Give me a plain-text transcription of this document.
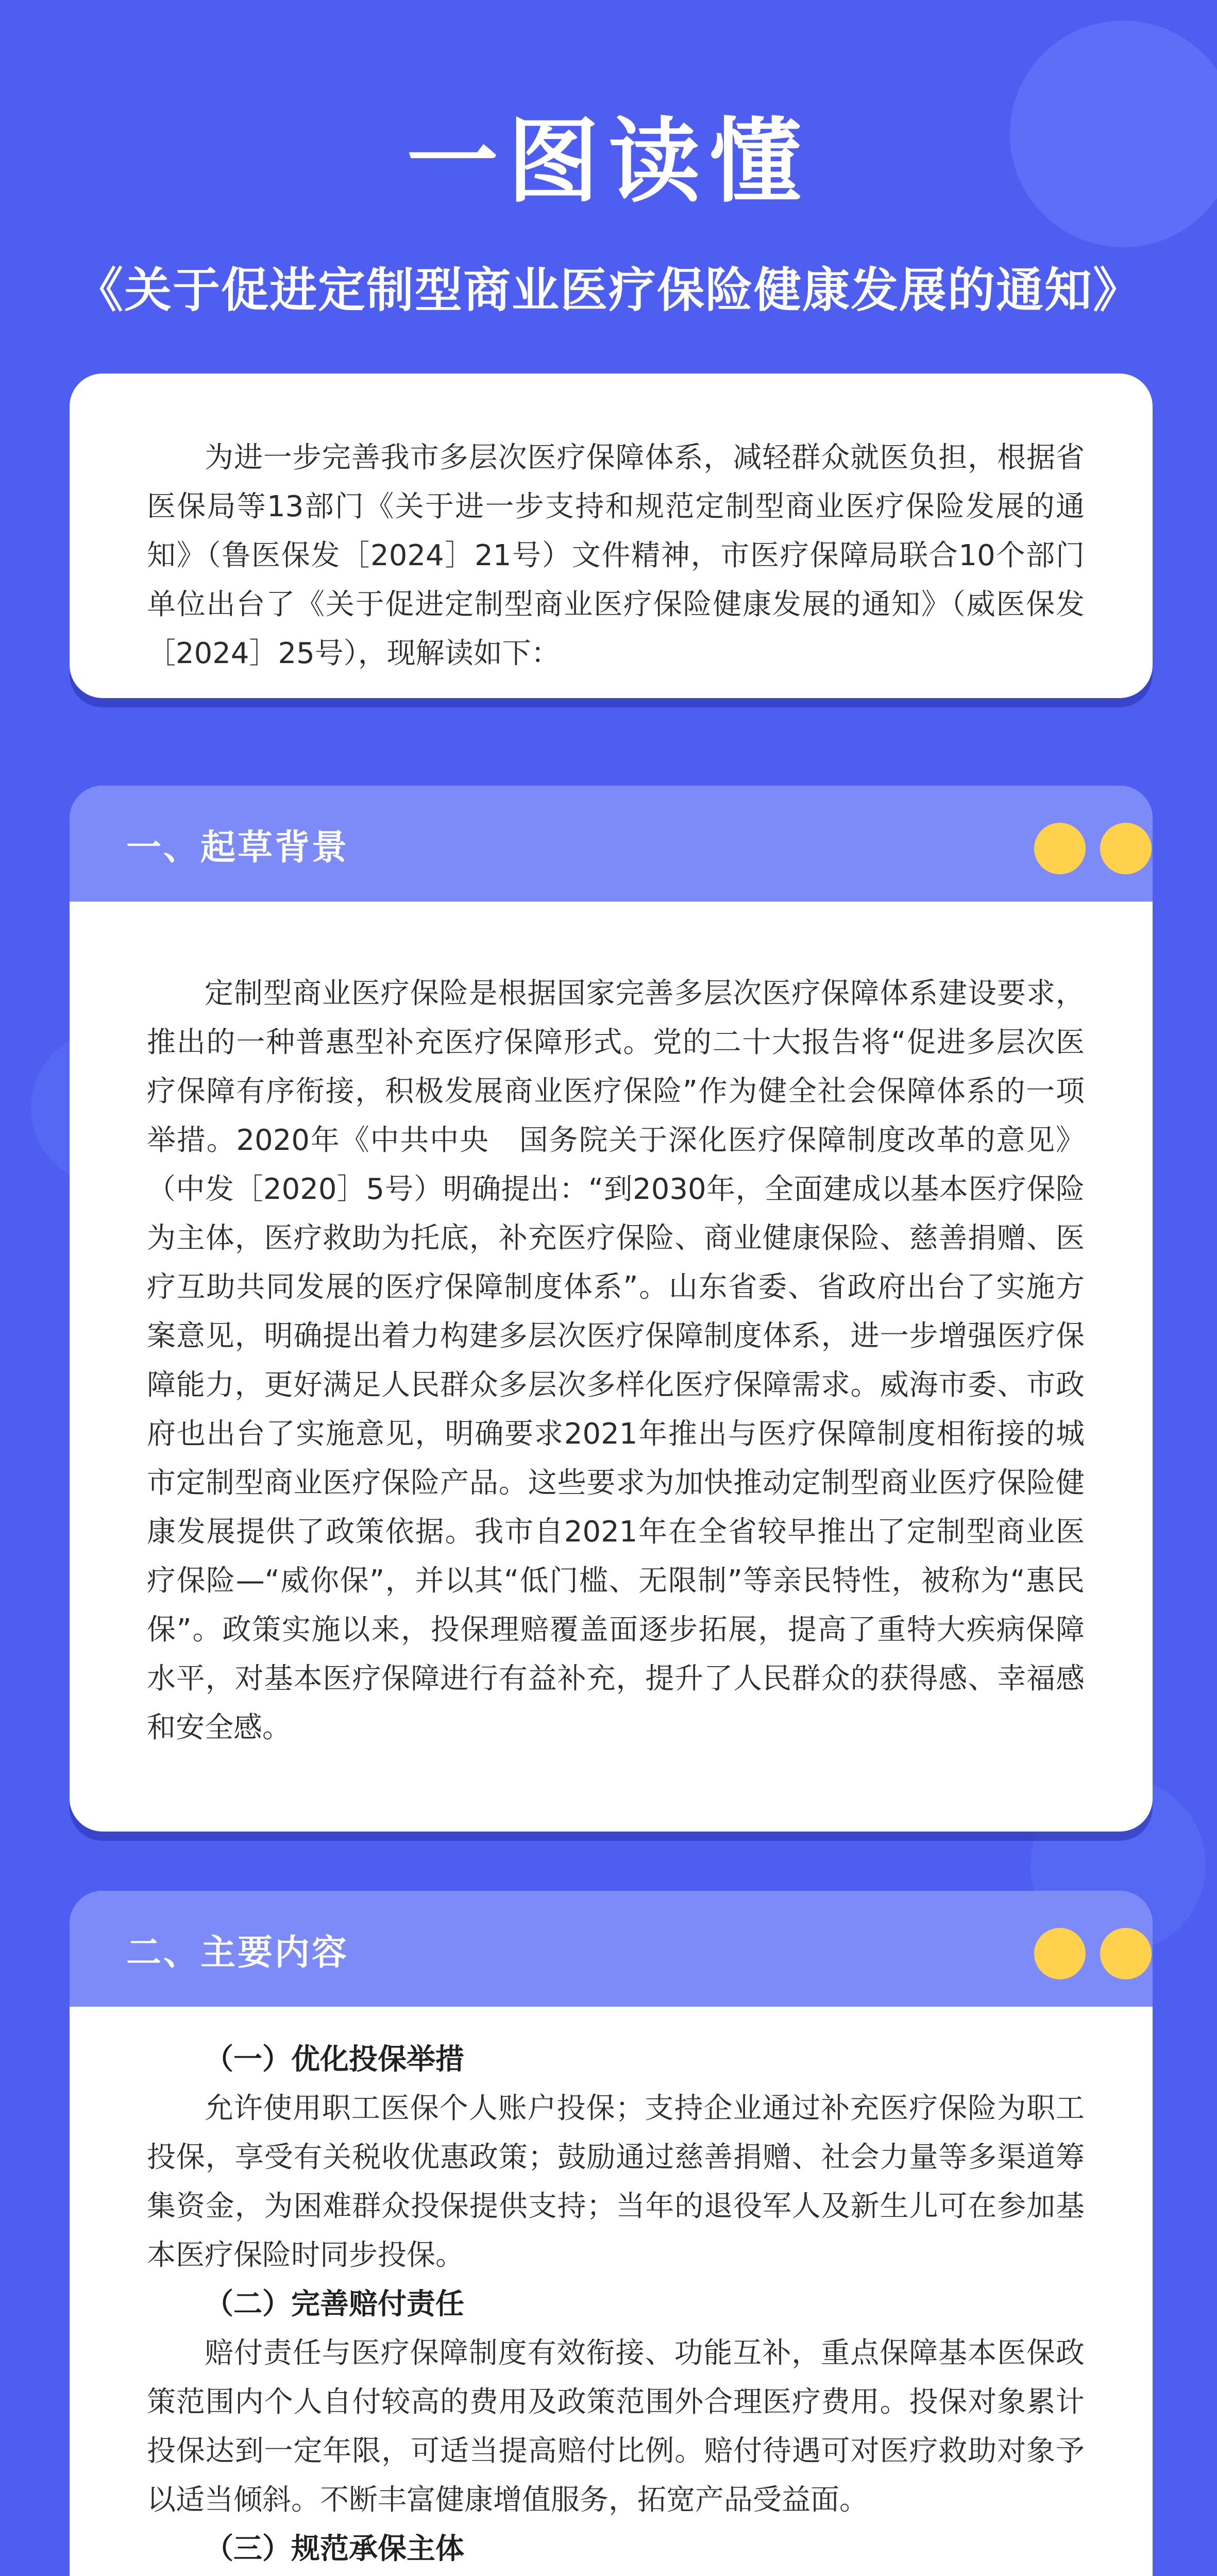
一图读懂
《关于促进定制型商业医疗保险健康发展的通知》

为进一步完善我市多层次医疗保障体系，减轻群众就医负担，根据省医保局等13部门《关于进一步支持和规范定制型商业医疗保险发展的通知》（鲁医保发［2024］21号）文件精神，市医疗保障局联合10个部门单位出台了《关于促进定制型商业医疗保险健康发展的通知》（威医保发［2024］25号），现解读如下：

一、起草背景

定制型商业医疗保险是根据国家完善多层次医疗保障体系建设要求，推出的一种普惠型补充医疗保障形式。党的二十大报告将“促进多层次医疗保障有序衔接，积极发展商业医疗保险”作为健全社会保障体系的一项举措。2020年《中共中央　国务院关于深化医疗保障制度改革的意见》（中发［2020］5号）明确提出：“到2030年，全面建成以基本医疗保险为主体，医疗救助为托底，补充医疗保险、商业健康保险、慈善捐赠、医疗互助共同发展的医疗保障制度体系”。山东省委、省政府出台了实施方案意见，明确提出着力构建多层次医疗保障制度体系，进一步增强医疗保障能力，更好满足人民群众多层次多样化医疗保障需求。威海市委、市政府也出台了实施意见，明确要求2021年推出与医疗保障制度相衔接的城市定制型商业医疗保险产品。这些要求为加快推动定制型商业医疗保险健康发展提供了政策依据。我市自2021年在全省较早推出了定制型商业医疗保险—“威你保”，并以其“低门槛、无限制”等亲民特性，被称为“惠民保”。政策实施以来，投保理赔覆盖面逐步拓展，提高了重特大疾病保障水平，对基本医疗保障进行有益补充，提升了人民群众的获得感、幸福感和安全感。

二、主要内容

（一）优化投保举措

允许使用职工医保个人账户投保；支持企业通过补充医疗保险为职工投保，享受有关税收优惠政策；鼓励通过慈善捐赠、社会力量等多渠道筹集资金，为困难群众投保提供支持；当年的退役军人及新生儿可在参加基本医疗保险时同步投保。

（二）完善赔付责任

赔付责任与医疗保障制度有效衔接、功能互补，重点保障基本医保政策范围内个人自付较高的费用及政策范围外合理医疗费用。投保对象累计投保达到一定年限，可适当提高赔付比例。赔付待遇可对医疗救助对象予以适当倾斜。不断丰富健康增值服务，拓宽产品受益面。

（三）规范承保主体
